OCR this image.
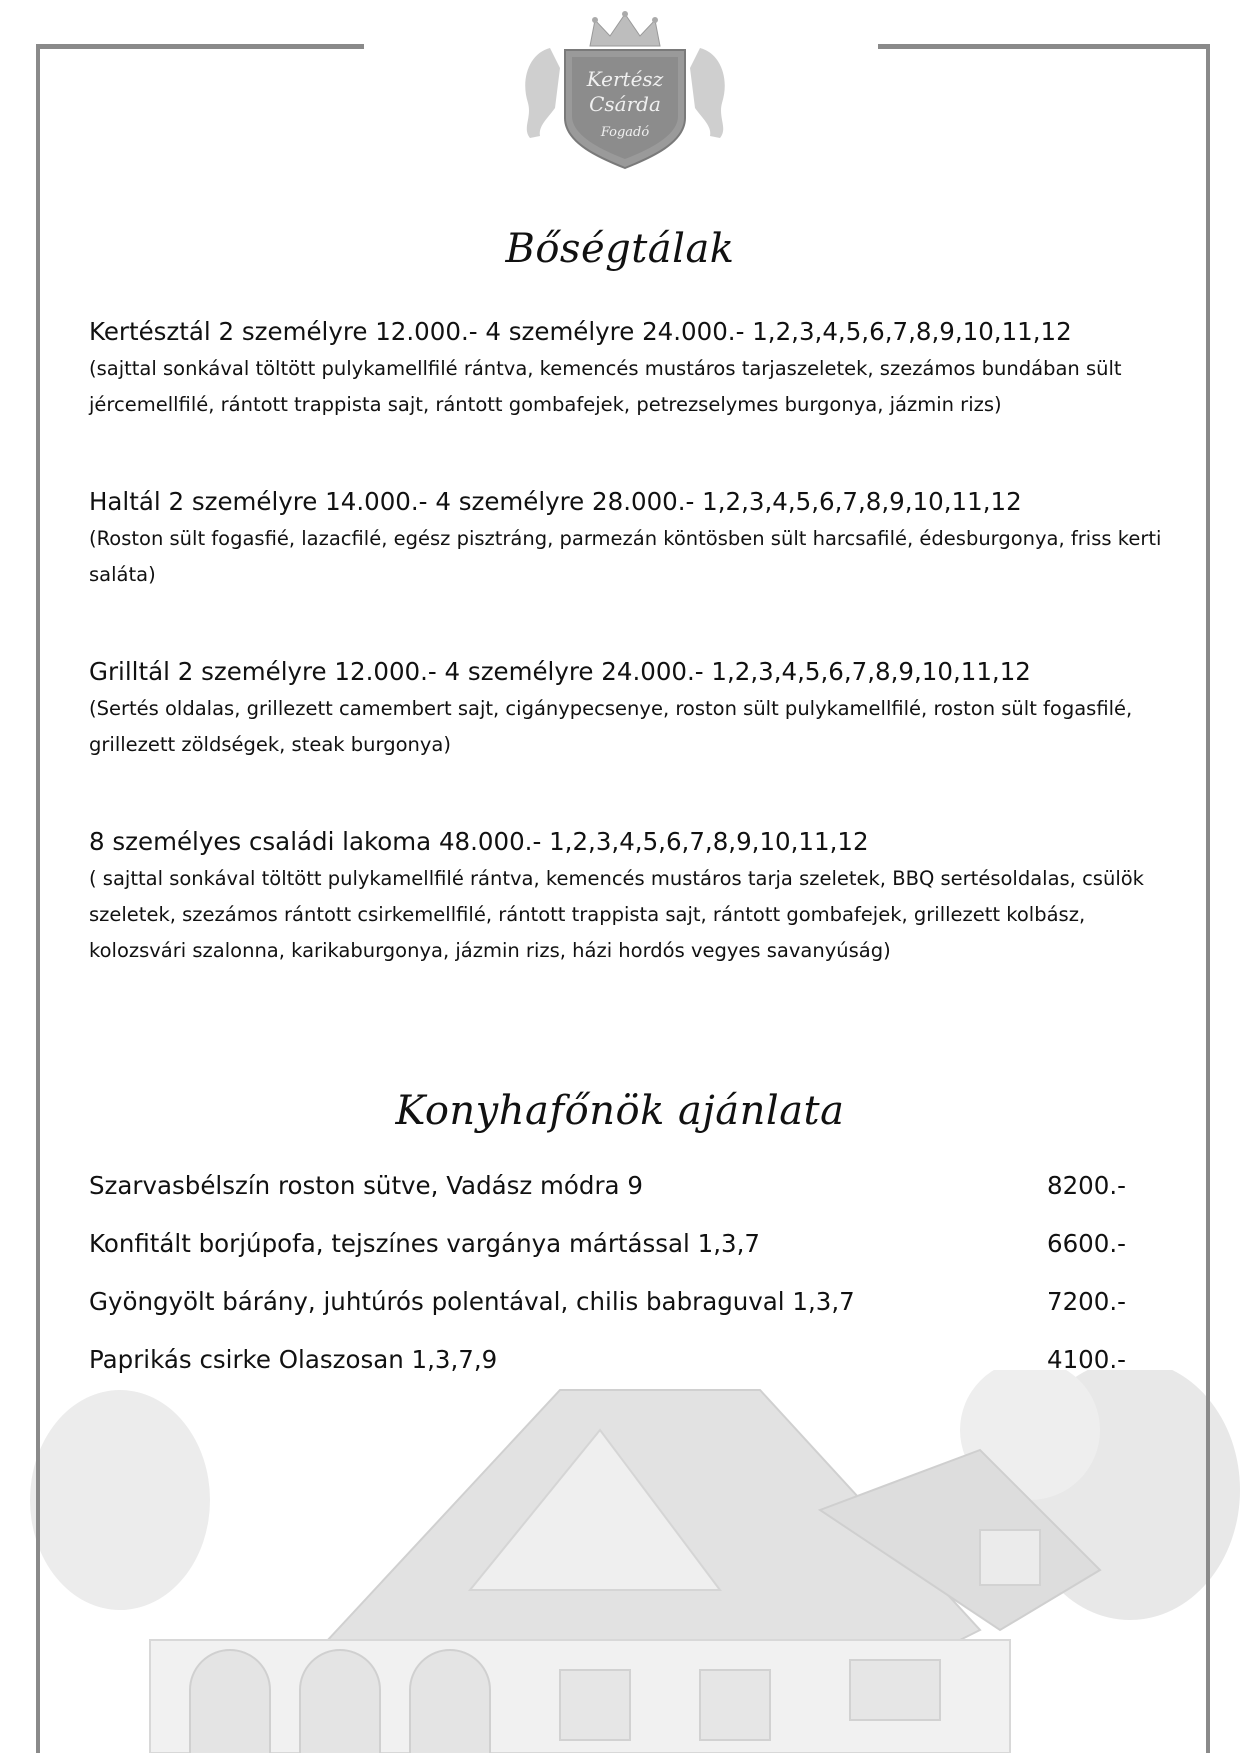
Kertész
Csárda
Fogadó
Bőségtálak
Kertésztál 2 személyre 12.000.- 4 személyre 24.000.- 1,2,3,4,5,6,7,8,9,10,11,12
(sajttal sonkával töltött pulykamellfilé rántva, kemencés mustáros tarjaszeletek, szezámos bundában sült jércemellfilé, rántott trappista sajt, rántott gombafejek, petrezselymes burgonya, jázmin rizs)
Haltál 2 személyre 14.000.- 4 személyre 28.000.- 1,2,3,4,5,6,7,8,9,10,11,12
(Roston sült fogasfié, lazacfilé, egész pisztráng, parmezán köntösben sült harcsafilé, édesburgonya, friss kerti saláta)
Grilltál 2 személyre 12.000.- 4 személyre 24.000.- 1,2,3,4,5,6,7,8,9,10,11,12
(Sertés oldalas, grillezett camembert sajt, cigánypecsenye, roston sült pulykamellfilé, roston sült fogasfilé, grillezett zöldségek, steak burgonya)
8 személyes családi lakoma 48.000.- 1,2,3,4,5,6,7,8,9,10,11,12
( sajttal sonkával töltött pulykamellfilé rántva, kemencés mustáros tarja szeletek, BBQ sertésoldalas, csülök szeletek, szezámos rántott csirkemellfilé, rántott trappista sajt, rántott gombafejek, grillezett kolbász, kolozsvári szalonna, karikaburgonya, jázmin rizs, házi hordós vegyes savanyúság)
Konyhafőnök ajánlata
Szarvasbélszín roston sütve, Vadász módra 9	8200.-
Konfitált borjúpofa, tejszínes vargánya mártással 1,3,7	6600.-
Gyöngyölt bárány, juhtúrós polentával, chilis babraguval 1,3,7	7200.-
Paprikás csirke Olaszosan 1,3,7,9	4100.-
